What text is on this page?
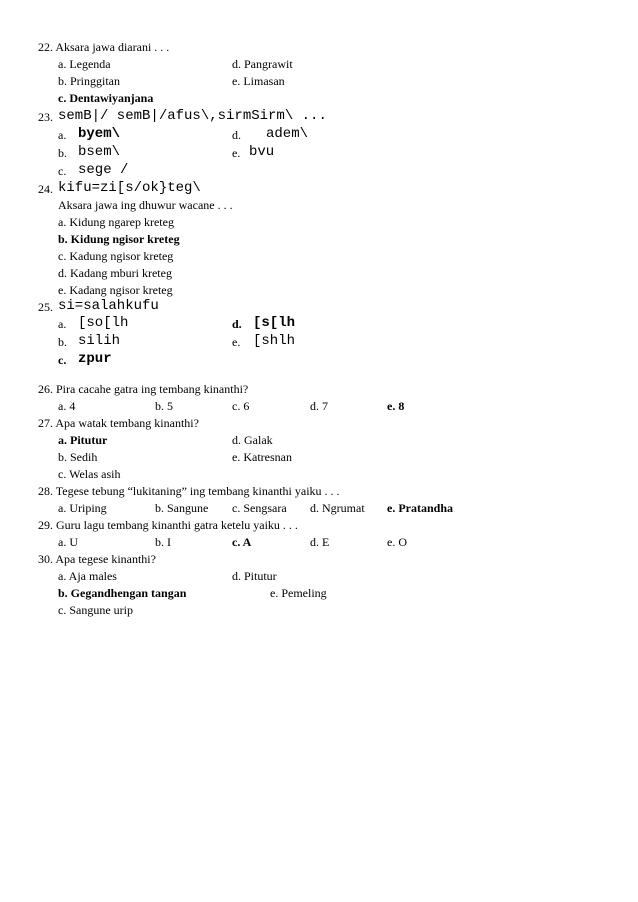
22. Aksara jawa diarani . . .
a. Legenda	d. Pangrawit
b. Pringgitan	e. Limasan
c. Dentawiyanjana
23. semB|/ semB|/afus\,sirmSirm\ ...
a. byem\	d. adem\
b. bsem\	e. bvu
c. sege /
24. kifu=zi[s/ok}teg\
Aksara jawa ing dhuwur wacane . . .
a. Kidung ngarep kreteg
b. Kidung ngisor kreteg
c. Kadung ngisor kreteg
d. Kadang mburi kreteg
e. Kadang ngisor kreteg
25. si=salahkufu
a. [so[lh	d. [s[lh
b. silih	e. [shlh
c. zpur
26. Pira cacahe gatra ing tembang kinanthi?
a. 4	b. 5	c. 6	d. 7	e. 8
27. Apa watak tembang kinanthi?
a. Pitutur	d. Galak
b. Sedih	e. Katresnan
c. Welas asih
28. Tegese tebung “lukitaning” ing tembang kinanthi yaiku . . .
a. Uriping	b. Sangune c. Sengsara d. Ngrumat e. Pratandha
29. Guru lagu tembang kinanthi gatra ketelu yaiku . . .
a. U	b. I	c. A	d. E	e. O
30. Apa tegese kinanthi?
a. Aja males	d. Pitutur
b. Gegandhengan tangan	e. Pemeling
c. Sangune urip
